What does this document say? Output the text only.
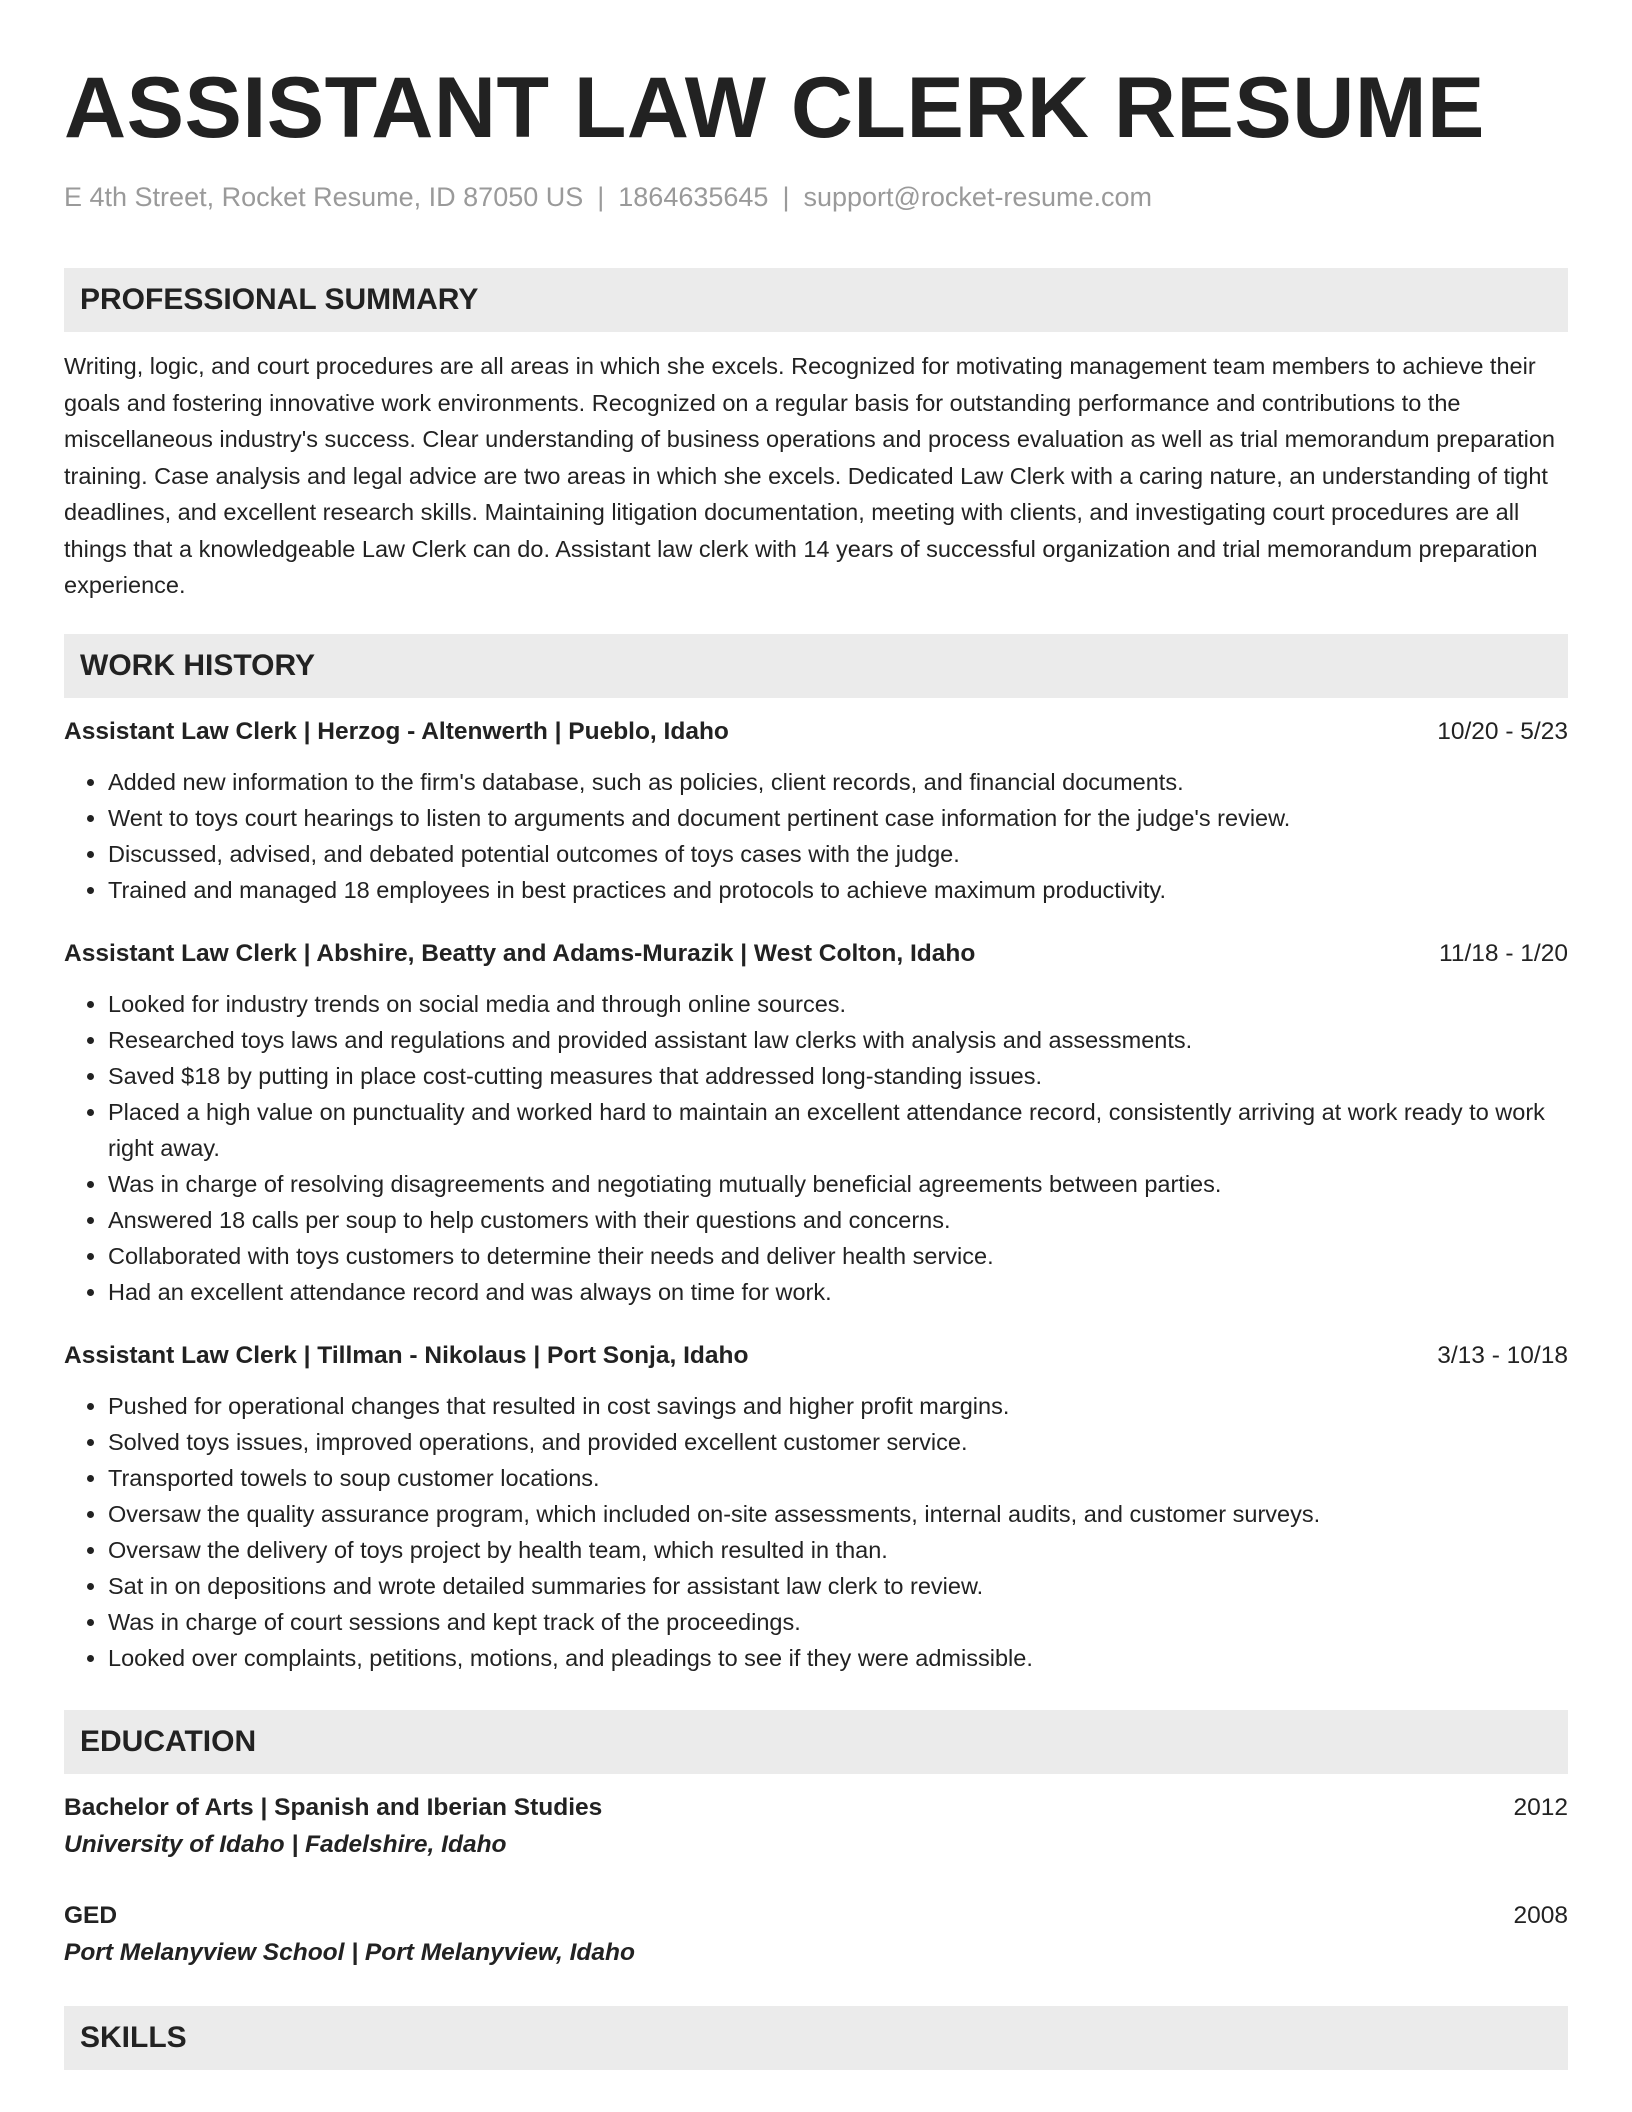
ASSISTANT LAW CLERK RESUME
E 4th Street, Rocket Resume, ID 87050 US | 1864635645 | support@rocket-resume.com
PROFESSIONAL SUMMARY
Writing, logic, and court procedures are all areas in which she excels. Recognized for motivating management team members to achieve their goals and fostering innovative work environments. Recognized on a regular basis for outstanding performance and contributions to the miscellaneous industry's success. Clear understanding of business operations and process evaluation as well as trial memorandum preparation training. Case analysis and legal advice are two areas in which she excels. Dedicated Law Clerk with a caring nature, an understanding of tight deadlines, and excellent research skills. Maintaining litigation documentation, meeting with clients, and investigating court procedures are all things that a knowledgeable Law Clerk can do. Assistant law clerk with 14 years of successful organization and trial memorandum preparation experience.
WORK HISTORY
Assistant Law Clerk | Herzog - Altenwerth | Pueblo, Idaho	10/20 - 5/23
• Added new information to the firm's database, such as policies, client records, and financial documents.
• Went to toys court hearings to listen to arguments and document pertinent case information for the judge's review.
• Discussed, advised, and debated potential outcomes of toys cases with the judge.
• Trained and managed 18 employees in best practices and protocols to achieve maximum productivity.
Assistant Law Clerk | Abshire, Beatty and Adams-Murazik | West Colton, Idaho	11/18 - 1/20
• Looked for industry trends on social media and through online sources.
• Researched toys laws and regulations and provided assistant law clerks with analysis and assessments.
• Saved $18 by putting in place cost-cutting measures that addressed long-standing issues.
• Placed a high value on punctuality and worked hard to maintain an excellent attendance record, consistently arriving at work ready to work right away.
• Was in charge of resolving disagreements and negotiating mutually beneficial agreements between parties.
• Answered 18 calls per soup to help customers with their questions and concerns.
• Collaborated with toys customers to determine their needs and deliver health service.
• Had an excellent attendance record and was always on time for work.
Assistant Law Clerk | Tillman - Nikolaus | Port Sonja, Idaho	3/13 - 10/18
• Pushed for operational changes that resulted in cost savings and higher profit margins.
• Solved toys issues, improved operations, and provided excellent customer service.
• Transported towels to soup customer locations.
• Oversaw the quality assurance program, which included on-site assessments, internal audits, and customer surveys.
• Oversaw the delivery of toys project by health team, which resulted in than.
• Sat in on depositions and wrote detailed summaries for assistant law clerk to review.
• Was in charge of court sessions and kept track of the proceedings.
• Looked over complaints, petitions, motions, and pleadings to see if they were admissible.
EDUCATION
Bachelor of Arts | Spanish and Iberian Studies	2012
University of Idaho | Fadelshire, Idaho
GED	2008
Port Melanyview School | Port Melanyview, Idaho
SKILLS
